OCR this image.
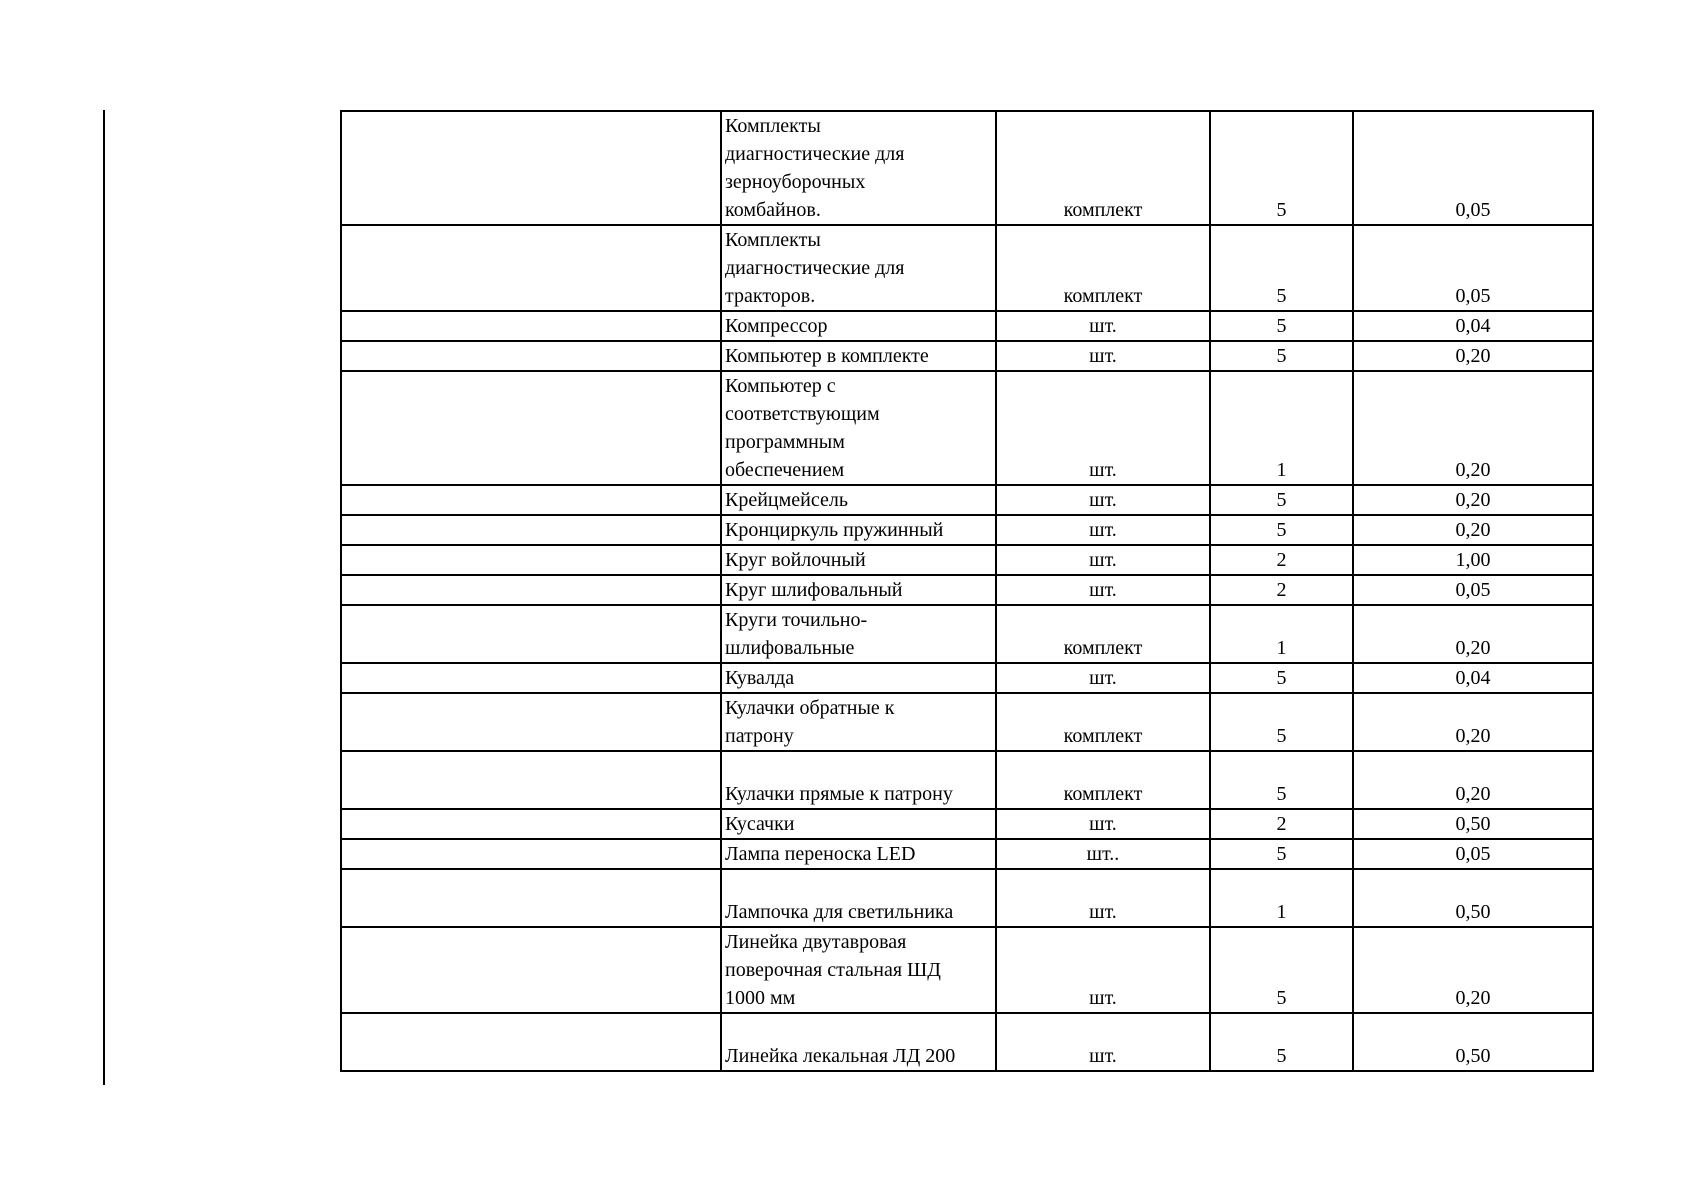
	Комплекты
диагностические для
зерноуборочных
комбайнов.	комплект	5	0,05

	Комплекты
диагностические для
тракторов.	комплект	5	0,05

	Компрессор	шт.	5	0,04

	Компьютер в комплекте	шт.	5	0,20

	Компьютер с
соответствующим
программным
обеспечением	шт.	1	0,20

	Крейцмейсель	шт.	5	0,20

	Кронциркуль пружинный	шт.	5	0,20

	Круг войлочный	шт.	2	1,00

	Круг шлифовальный	шт.	2	0,05

	Круги точильно-
шлифовальные	комплект	1	0,20

	Кувалда	шт.	5	0,04

	Кулачки обратные к
патрону	комплект	5	0,20

	Кулачки прямые к патрону	комплект	5	0,20

	Кусачки	шт.	2	0,50

	Лампа переноска LED	шт..	5	0,05

	Лампочка для светильника	шт.	1	0,50

	Линейка двутавровая
поверочная стальная ШД
1000 мм	шт.	5	0,20

	Линейка лекальная ЛД 200	шт.	5	0,50
